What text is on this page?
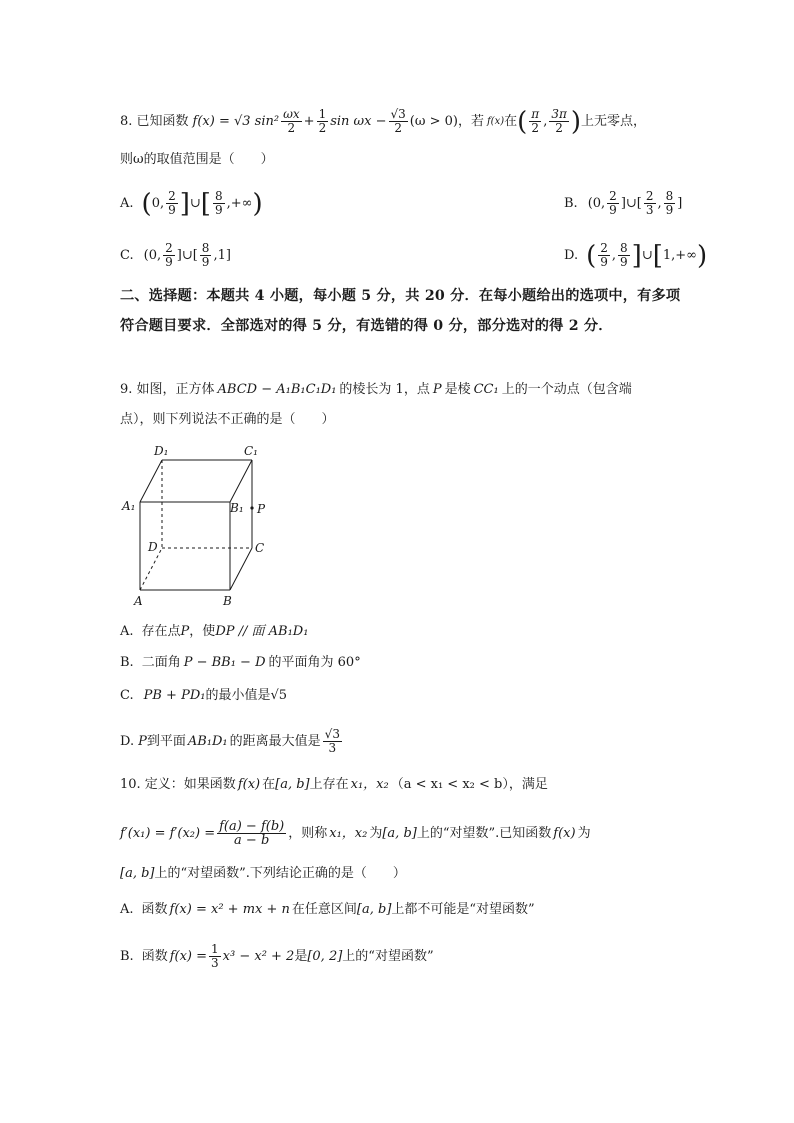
8. 已知函数 f(x) = √3 $\sin^2 \frac{\omega x}{2} + \frac{1}{2}$ $\sin \omega x - \frac{√3}{2} (\omega > 0)$，若 f(x) 在 ( $\frac{\pi}{2}$ , $\frac{3\pi}{2}$ ) 上无零点，
则ω的取值范围是（　　）
A. ( 0, $\frac{2}{9}$ ] ∪ [ $\frac{8}{9}$ ,+∞ )	B. (0, $\frac{2}{9}$ ]∪[ $\frac{2}{3}$ , $\frac{8}{9}$ ]
C. (0, $\frac{2}{9}$ ]∪[ $\frac{8}{9} ,1$]	D. ( $\frac{2}{9}$ , $\frac{8}{9}$ ] ∪ [ 1,+∞ )
二、选择题：本题共 4 小题，每小题 5 分，共 20 分．在每小题给出的选项中，有多项符合题目要求．全部选对的得 5 分，有选错的得 0 分，部分选对的得 2 分．
9. 如图，正方体 ABCD − A₁B₁C₁D₁ 的棱长为 1，点 P 是棱 CC₁ 上的一个动点（包含端
点），则下列说法不正确的是（　　）
D₁	C₁
A₁	B₁ P
D	C
A	B
A. 存在点 P ，使 DP // 面 AB₁D₁
B. 二面角 P − BB₁ − D 的平面角为 60°
C. PB + PD₁ 的最小值是 √5
D. P 到平面 AB₁D₁ 的距离最大值是 $\frac{√3}{3}$
10. 定义：如果函数 f(x) 在 [a, b] 上存在 x₁，x₂ （a < x₁ < x₂ < b），满足
$f'(x_1) = f'(x_2) = \frac{f(a) - f(b)}{a - b}$ ，则称 x₁，x₂ 为 [a, b] 上的“对望数”.已知函数 f(x) 为
[a, b] 上的“对望函数”.下列结论正确的是（　　）
A. 函数 f(x) = x² + mx + n 在任意区间 [a, b] 上都不可能是“对望函数”
B. 函数 $f(x) = \frac{1}{3} x^3 - x^2 + 2$ 是 [0, 2] 上的“对望函数”
